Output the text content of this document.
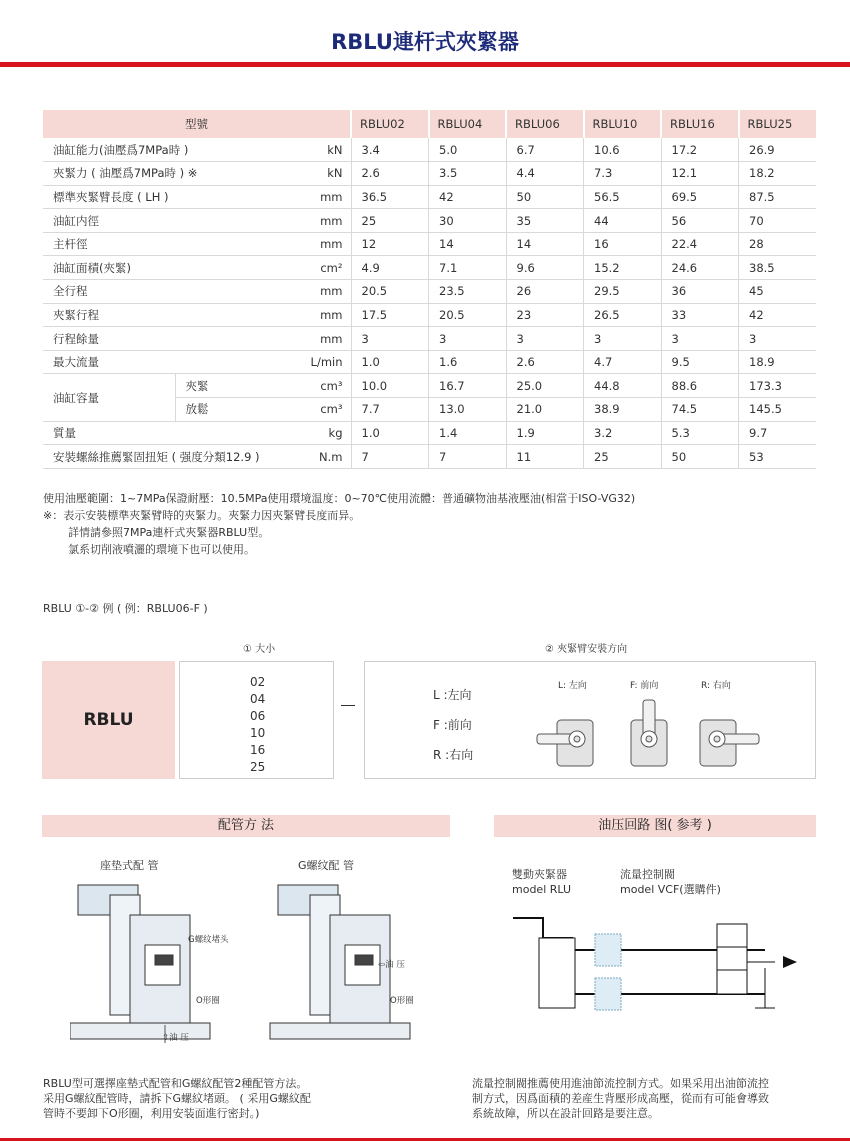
RBLU連杆式夾緊器
型號			RBLU02	RBLU04	RBLU06	RBLU10	RBLU16	RBLU25
油缸能力(油壓爲7MPa時 )		kN	3.4	5.0	6.7	10.6	17.2	26.9
夾緊力 ( 油壓爲7MPa時 ) ※		kN	2.6	3.5	4.4	7.3	12.1	18.2
標準夾緊臂長度 ( LH )		mm	36.5	42	50	56.5	69.5	87.5
油缸内徑		mm	25	30	35	44	56	70
主杆徑		mm	12	14	14	16	22.4	28
油缸面積(夾緊)		cm²	4.9	7.1	9.6	15.2	24.6	38.5
全行程		mm	20.5	23.5	26	29.5	36	45
夾緊行程		mm	17.5	20.5	23	26.5	33	42
行程餘量		mm	3	3	3	3	3	3
最大流量		L/min	1.0	1.6	2.6	4.7	9.5	18.9
油缸容量	夾緊	cm³	10.0	16.7	25.0	44.8	88.6	173.3
	放鬆	cm³	7.7	13.0	21.0	38.9	74.5	145.5
質量		kg	1.0	1.4	1.9	3.2	5.3	9.7
安裝螺絲推薦緊固扭矩 ( 强度分類12.9 )		N.m	7	7	11	25	50	53
使用油壓範圍：1~7MPa保證耐壓：10.5MPa使用環境温度：0~70℃使用流體：普通礦物油基液壓油(相當于ISO-VG32)
※：表示安裝標準夾緊臂時的夾緊力。夾緊力因夾緊臂長度而异。
詳情請參照7MPa連杆式夾緊器RBLU型。
氯系切削液噴灑的環境下也可以使用。
RBLU ①-② 例 ( 例：RBLU06-F )
① 大小	② 夾緊臂安裝方向
RBLU
02
04
06
10
16
25
L :左向
F :前向
R :右向
L: 左向	F: 前向	R: 右向
配管方 法
座垫式配 管	G螺纹配 管
G螺纹堵头
O形圈
⇧油 压
⇦油 压
O形圈
RBLU型可選擇座墊式配管和G螺紋配管2種配管方法。
采用G螺紋配管時，請拆下G螺紋堵頭。 ( 采用G螺紋配
管時不要卸下O形圈，利用安装面進行密封。)
油压回路 图( 参考 )
雙動夾緊器
model RLU
流量控制閥
model VCF(選購件)
流量控制閥推薦使用進油節流控制方式。如果采用出油節流控
制方式，因爲面積的差産生背壓形成高壓，從而有可能會導致
系統故障，所以在設計回路是要注意。
